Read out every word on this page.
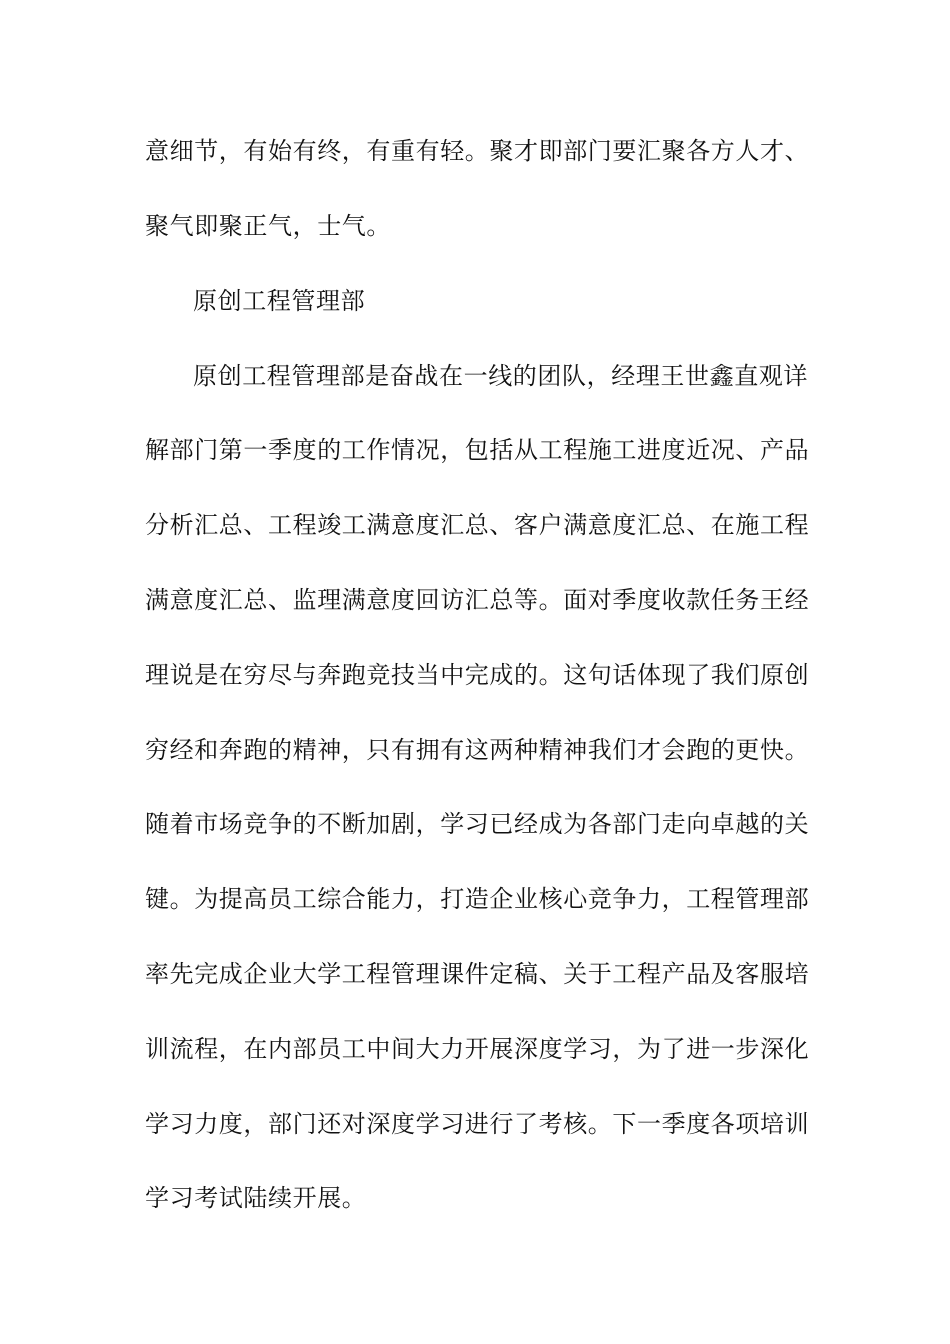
意细节，有始有终，有重有轻。聚才即部门要汇聚各方人才、
聚气即聚正气，士气。
原创工程管理部
原创工程管理部是奋战在一线的团队，经理王世鑫直观详
解部门第一季度的工作情况，包括从工程施工进度近况、产品
分析汇总、工程竣工满意度汇总、客户满意度汇总、在施工程
满意度汇总、监理满意度回访汇总等。面对季度收款任务王经
理说是在穷尽与奔跑竞技当中完成的。这句话体现了我们原创
穷经和奔跑的精神，只有拥有这两种精神我们才会跑的更快。
随着市场竞争的不断加剧，学习已经成为各部门走向卓越的关
键。为提高员工综合能力，打造企业核心竞争力，工程管理部
率先完成企业大学工程管理课件定稿、关于工程产品及客服培
训流程，在内部员工中间大力开展深度学习，为了进一步深化
学习力度，部门还对深度学习进行了考核。下一季度各项培训
学习考试陆续开展。
